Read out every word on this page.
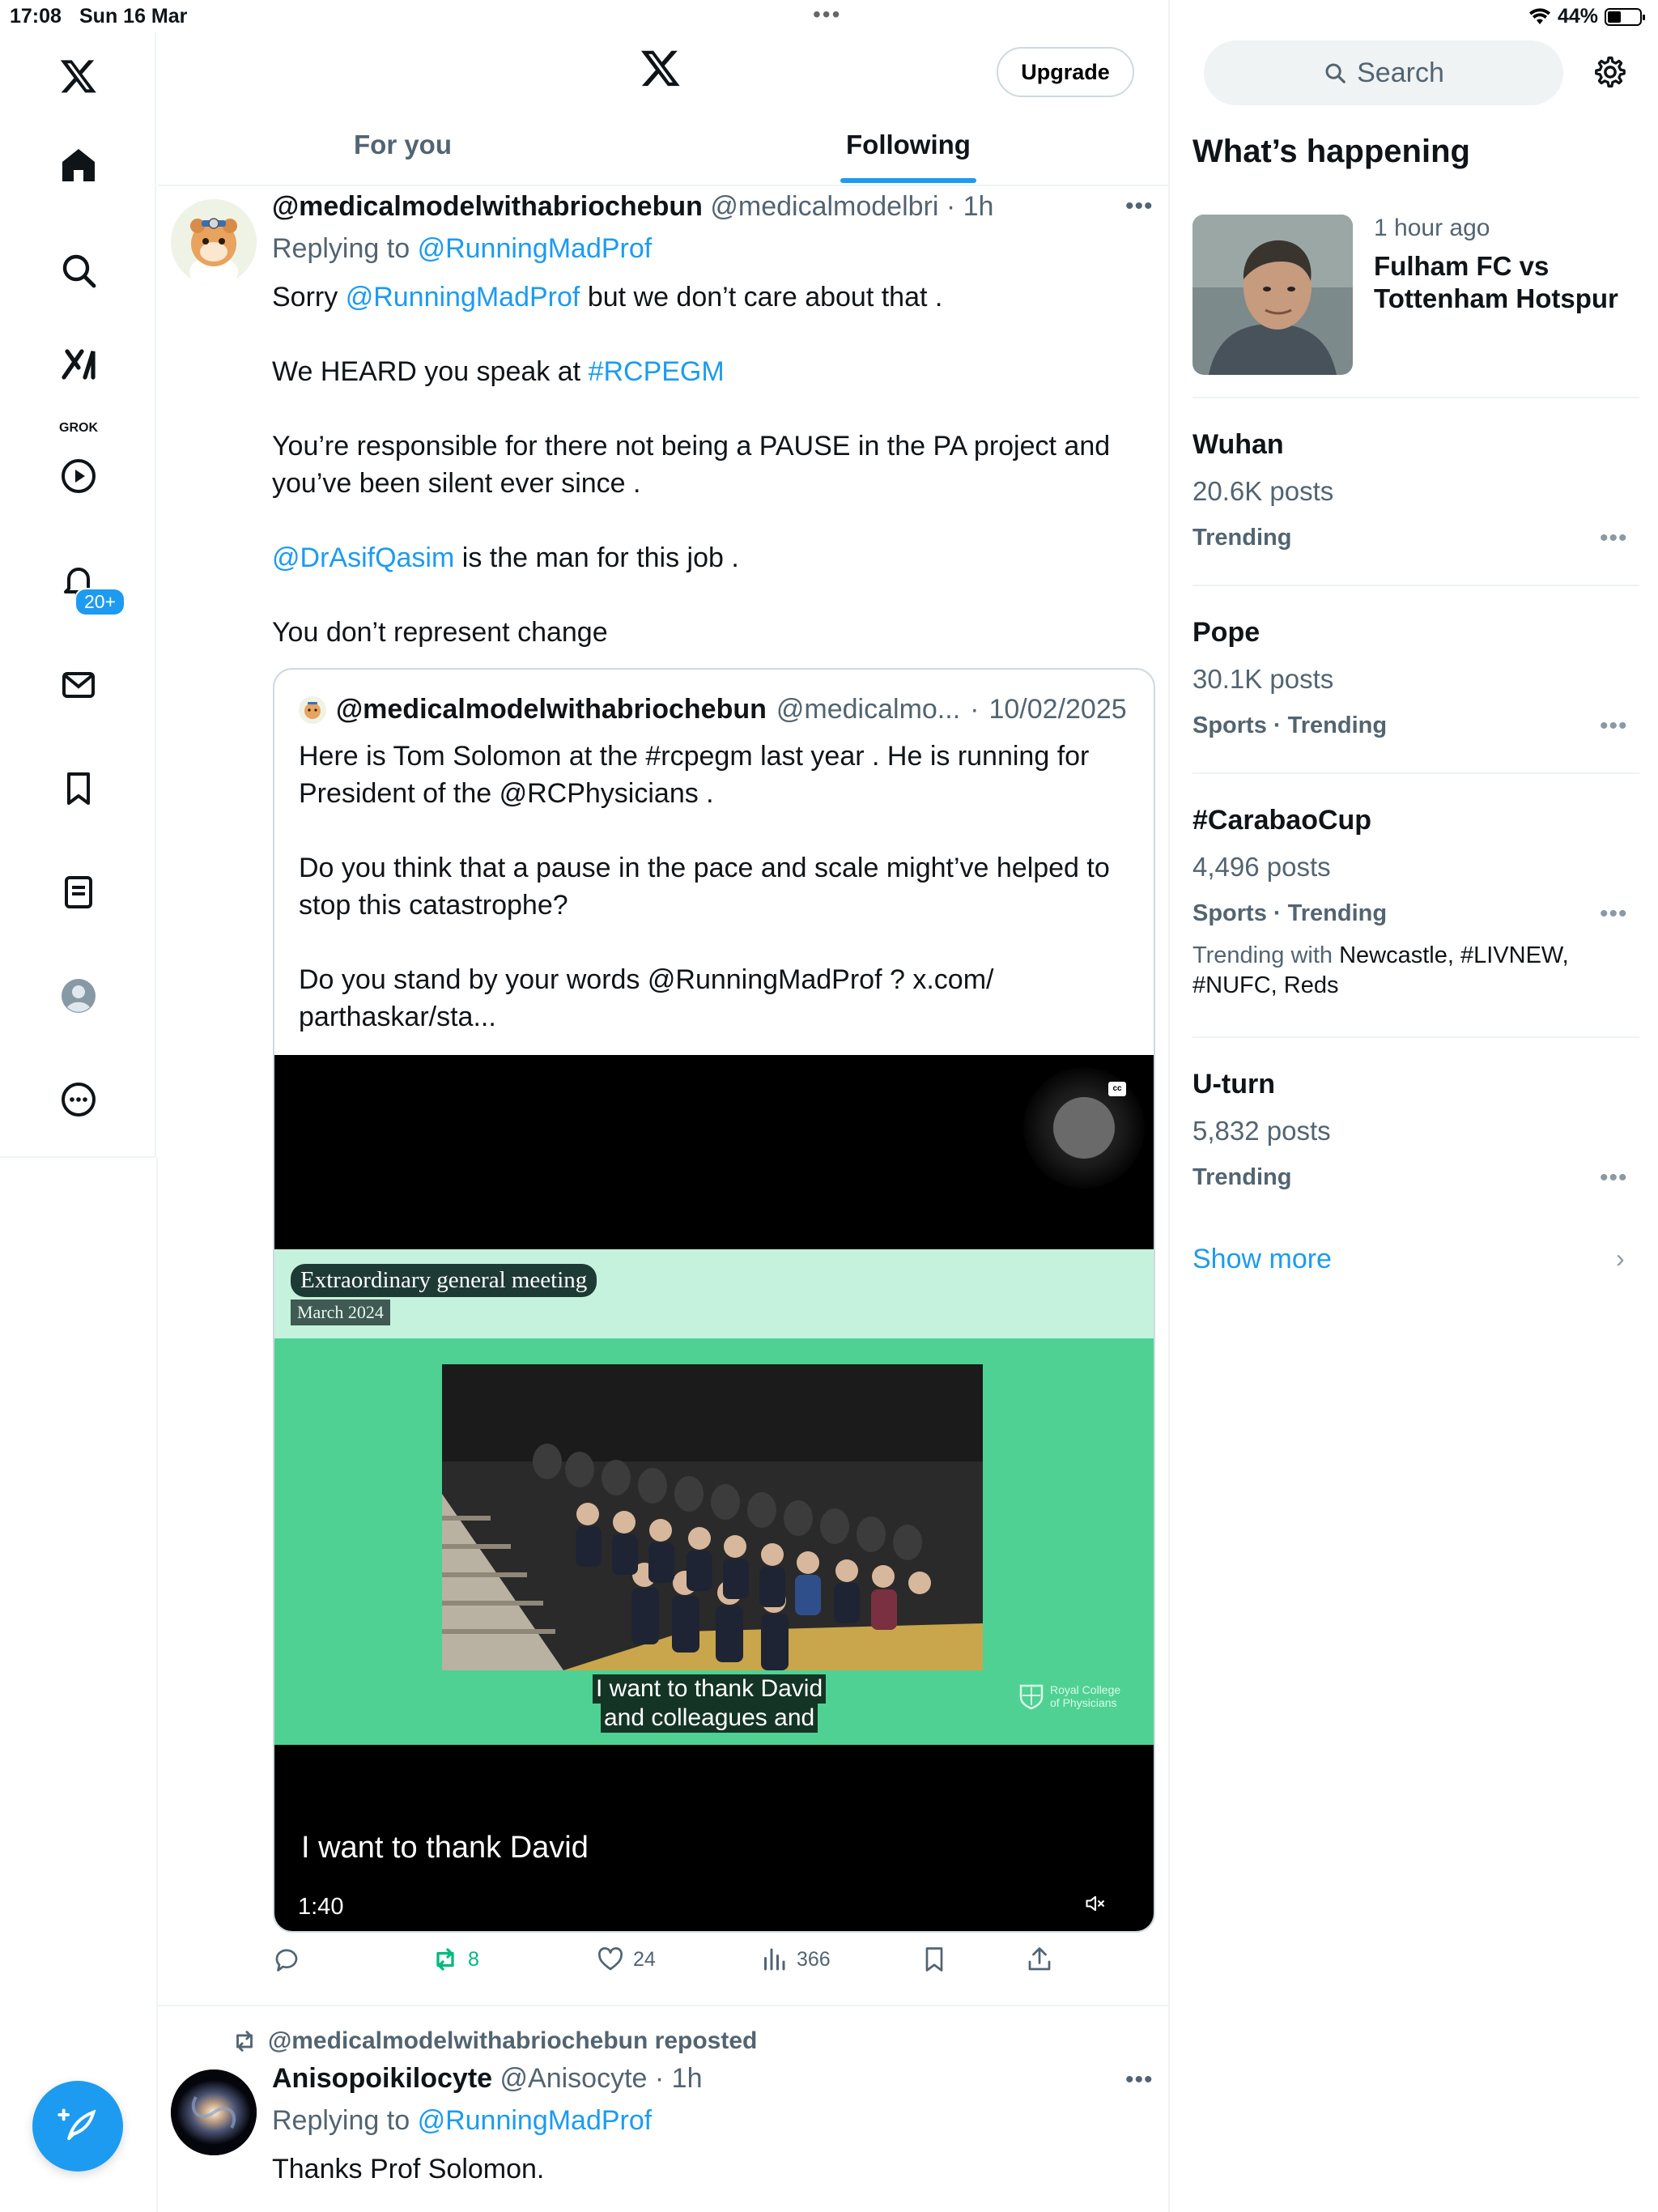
17:08 Sun 16 Mar	•••	44%
GROK
20+
Upgrade
For you	Following
@medicalmodelwithabriochebun @medicalmodelbri · 1h	•••
Replying to @RunningMadProf
Sorry @RunningMadProf but we don’t care about that .
We HEARD you speak at #RCPEGM
You’re responsible for there not being a PAUSE in the PA project and
you’ve been silent ever since .
@DrAsifQasim is the man for this job .
You don’t represent change
@medicalmodelwithabriochebun @medicalmo... · 10/02/2025
Here is Tom Solomon at the #rcpegm last year . He is running for
President of the @RCPhysicians .
Do you think that a pause in the pace and scale might’ve helped to
stop this catastrophe?
Do you stand by your words @RunningMadProf ? x.com/
parthaskar/sta...
cc
Extraordinary general meeting
March 2024
I want to thank David
and colleagues and
Royal College
of Physicians
I want to thank David
1:40
8	24	366
@medicalmodelwithabriochebun reposted
Anisopoikilocyte @Anisocyte · 1h	•••
Replying to @RunningMadProf
Thanks Prof Solomon.
Search
What’s happening
1 hour ago
Fulham FC vs
Tottenham Hotspur
Wuhan
20.6K posts
Trending	•••
Pope
30.1K posts
Sports · Trending	•••
#CarabaoCup
4,496 posts
Sports · Trending	•••
Trending with Newcastle, #LIVNEW,
#NUFC, Reds
U-turn
5,832 posts
Trending	•••
Show more	›
